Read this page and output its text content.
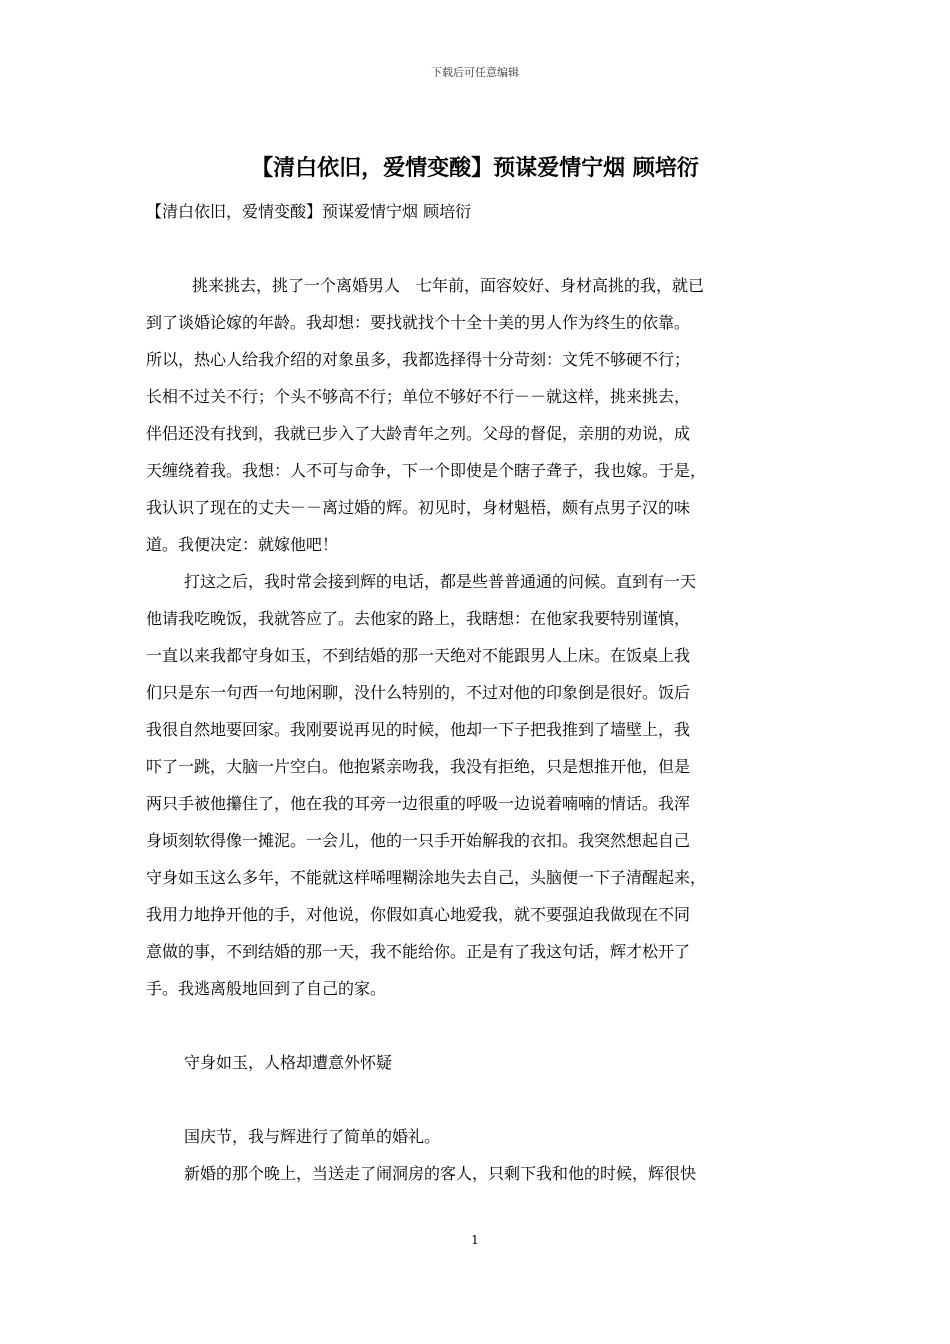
下载后可任意编辑
【清白依旧，爱情变酸】预谋爱情宁烟 顾培衍
【清白依旧，爱情变酸】预谋爱情宁烟 顾培衍
挑来挑去，挑了一个离婚男人　七年前，面容姣好、身材高挑的我，就已
到了谈婚论嫁的年龄。我却想：要找就找个十全十美的男人作为终生的依靠。
所以，热心人给我介绍的对象虽多，我都选择得十分苛刻：文凭不够硬不行；
长相不过关不行；个头不够高不行；单位不够好不行－－就这样，挑来挑去，
伴侣还没有找到，我就已步入了大龄青年之列。父母的督促，亲朋的劝说，成
天缠绕着我。我想：人不可与命争，下一个即使是个瞎子聋子，我也嫁。于是，
我认识了现在的丈夫－－离过婚的辉。初见时，身材魁梧，颇有点男子汉的味
道。我便决定：就嫁他吧！
打这之后，我时常会接到辉的电话，都是些普普通通的问候。直到有一天
他请我吃晚饭，我就答应了。去他家的路上，我瞎想：在他家我要特别谨慎，
一直以来我都守身如玉，不到结婚的那一天绝对不能跟男人上床。在饭桌上我
们只是东一句西一句地闲聊，没什么特别的，不过对他的印象倒是很好。饭后
我很自然地要回家。我刚要说再见的时候，他却一下子把我推到了墙壁上，我
吓了一跳，大脑一片空白。他抱紧亲吻我，我没有拒绝，只是想推开他，但是
两只手被他攥住了，他在我的耳旁一边很重的呼吸一边说着喃喃的情话。我浑
身顷刻软得像一摊泥。一会儿，他的一只手开始解我的衣扣。我突然想起自己
守身如玉这么多年，不能就这样唏哩糊涂地失去自己，头脑便一下子清醒起来，
我用力地挣开他的手，对他说，你假如真心地爱我，就不要强迫我做现在不同
意做的事，不到结婚的那一天，我不能给你。正是有了我这句话，辉才松开了
手。我逃离般地回到了自己的家。
守身如玉，人格却遭意外怀疑
国庆节，我与辉进行了简单的婚礼。
新婚的那个晚上，当送走了闹洞房的客人，只剩下我和他的时候，辉很快
1
